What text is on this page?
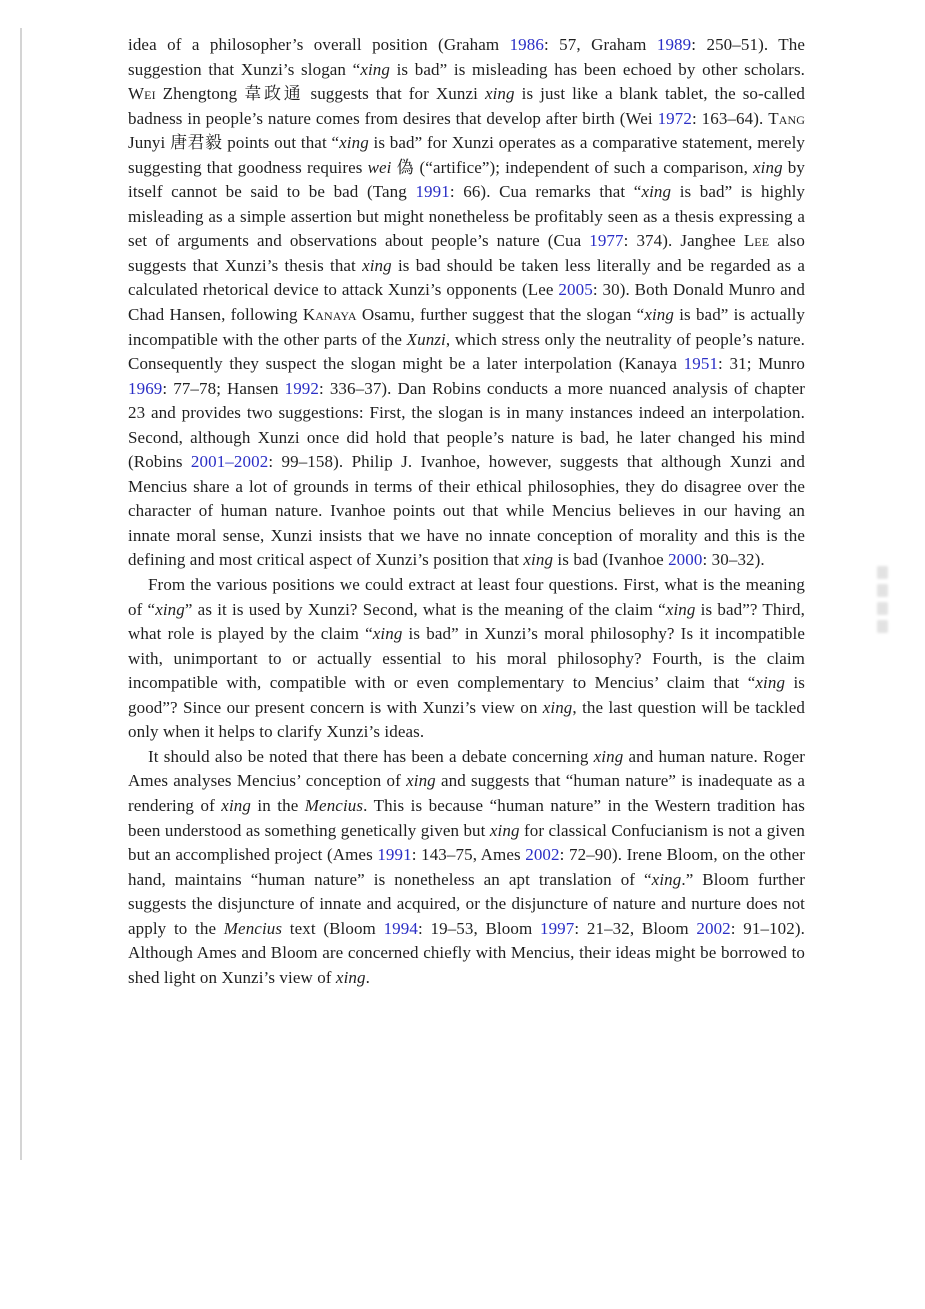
idea of a philosopher’s overall position (Graham 1986: 57, Graham 1989: 250–51). The suggestion that Xunzi’s slogan “xing is bad” is misleading has been echoed by other scholars. Wei Zhengtong 韋政通 suggests that for Xunzi xing is just like a blank tablet, the so-called badness in people’s nature comes from desires that develop after birth (Wei 1972: 163–64). Tang Junyi 唐君毅 points out that “xing is bad” for Xunzi operates as a comparative statement, merely suggesting that goodness requires wei 偽 (“artifice”); independent of such a comparison, xing by itself cannot be said to be bad (Tang 1991: 66). Cua remarks that “xing is bad” is highly misleading as a simple assertion but might nonetheless be profitably seen as a thesis expressing a set of arguments and observations about people’s nature (Cua 1977: 374). Janghee Lee also suggests that Xunzi’s thesis that xing is bad should be taken less literally and be regarded as a calculated rhetorical device to attack Xunzi’s opponents (Lee 2005: 30). Both Donald Munro and Chad Hansen, following Kanaya Osamu, further suggest that the slogan “xing is bad” is actually incompatible with the other parts of the Xunzi, which stress only the neutrality of people’s nature. Consequently they suspect the slogan might be a later interpolation (Kanaya 1951: 31; Munro 1969: 77–78; Hansen 1992: 336–37). Dan Robins conducts a more nuanced analysis of chapter 23 and provides two suggestions: First, the slogan is in many instances indeed an interpolation. Second, although Xunzi once did hold that people’s nature is bad, he later changed his mind (Robins 2001–2002: 99–158). Philip J. Ivanhoe, however, suggests that although Xunzi and Mencius share a lot of grounds in terms of their ethical philosophies, they do disagree over the character of human nature. Ivanhoe points out that while Mencius believes in our having an innate moral sense, Xunzi insists that we have no innate conception of morality and this is the defining and most critical aspect of Xunzi’s position that xing is bad (Ivanhoe 2000: 30–32).

From the various positions we could extract at least four questions. First, what is the meaning of “xing” as it is used by Xunzi? Second, what is the meaning of the claim “xing is bad”? Third, what role is played by the claim “xing is bad” in Xunzi’s moral philosophy? Is it incompatible with, unimportant to or actually essential to his moral philosophy? Fourth, is the claim incompatible with, compatible with or even complementary to Mencius’ claim that “xing is good”? Since our present concern is with Xunzi’s view on xing, the last question will be tackled only when it helps to clarify Xunzi’s ideas.

It should also be noted that there has been a debate concerning xing and human nature. Roger Ames analyses Mencius’ conception of xing and suggests that “human nature” is inadequate as a rendering of xing in the Mencius. This is because “human nature” in the Western tradition has been understood as something genetically given but xing for classical Confucianism is not a given but an accomplished project (Ames 1991: 143–75, Ames 2002: 72–90). Irene Bloom, on the other hand, maintains “human nature” is nonetheless an apt translation of “xing.” Bloom further suggests the disjuncture of innate and acquired, or the disjuncture of nature and nurture does not apply to the Mencius text (Bloom 1994: 19–53, Bloom 1997: 21–32, Bloom 2002: 91–102). Although Ames and Bloom are concerned chiefly with Mencius, their ideas might be borrowed to shed light on Xunzi’s view of xing.
